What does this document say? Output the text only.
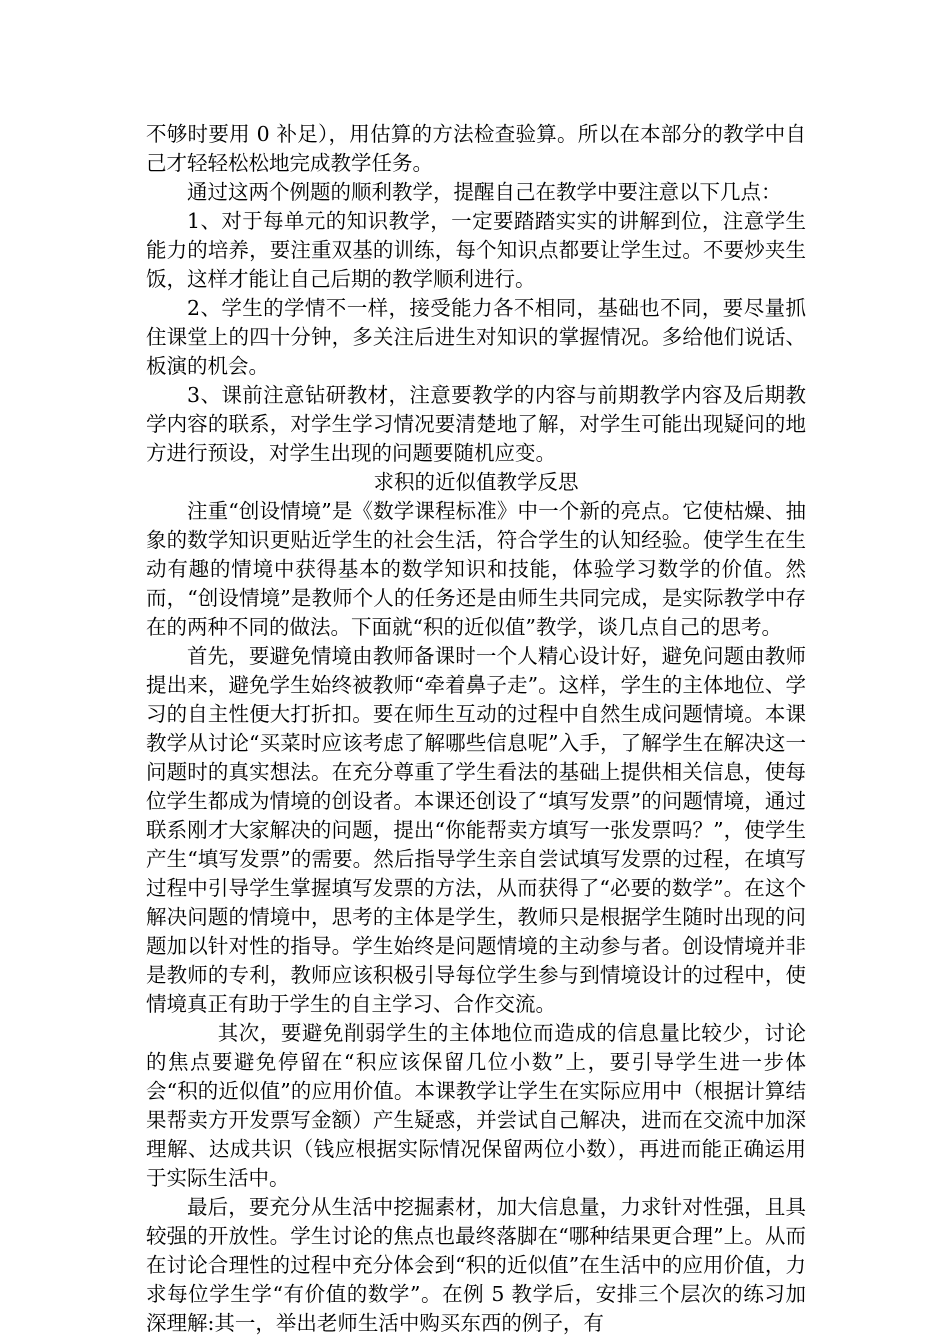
不够时要用 0 补足），用估算的方法检查验算。所以在本部分的教学中自己才轻轻松松地完成教学任务。

通过这两个例题的顺利教学，提醒自己在教学中要注意以下几点：

1、对于每单元的知识教学，一定要踏踏实实的讲解到位，注意学生能力的培养，要注重双基的训练，每个知识点都要让学生过。不要炒夹生饭，这样才能让自己后期的教学顺利进行。

2、学生的学情不一样，接受能力各不相同，基础也不同，要尽量抓住课堂上的四十分钟，多关注后进生对知识的掌握情况。多给他们说话、板演的机会。

3、课前注意钻研教材，注意要教学的内容与前期教学内容及后期教学内容的联系，对学生学习情况要清楚地了解，对学生可能出现疑问的地方进行预设，对学生出现的问题要随机应变。

求积的近似值教学反思

注重“创设情境”是《数学课程标准》中一个新的亮点。它使枯燥、抽象的数学知识更贴近学生的社会生活，符合学生的认知经验。使学生在生动有趣的情境中获得基本的数学知识和技能，体验学习数学的价值。然而，“创设情境”是教师个人的任务还是由师生共同完成，是实际教学中存在的两种不同的做法。下面就“积的近似值”教学，谈几点自己的思考。

首先，要避免情境由教师备课时一个人精心设计好，避免问题由教师提出来，避免学生始终被教师“牵着鼻子走”。这样，学生的主体地位、学习的自主性便大打折扣。要在师生互动的过程中自然生成问题情境。本课教学从讨论“买菜时应该考虑了解哪些信息呢”入手，了解学生在解决这一问题时的真实想法。在充分尊重了学生看法的基础上提供相关信息，使每位学生都成为情境的创设者。本课还创设了“填写发票”的问题情境，通过联系刚才大家解决的问题，提出“你能帮卖方填写一张发票吗？”，使学生产生“填写发票”的需要。然后指导学生亲自尝试填写发票的过程，在填写过程中引导学生掌握填写发票的方法，从而获得了“必要的数学”。在这个解决问题的情境中，思考的主体是学生，教师只是根据学生随时出现的问题加以针对性的指导。学生始终是问题情境的主动参与者。创设情境并非是教师的专利，教师应该积极引导每位学生参与到情境设计的过程中，使情境真正有助于学生的自主学习、合作交流。

其次，要避免削弱学生的主体地位而造成的信息量比较少，讨论的焦点要避免停留在“积应该保留几位小数”上，要引导学生进一步体会“积的近似值”的应用价值。本课教学让学生在实际应用中（根据计算结果帮卖方开发票写金额）产生疑惑，并尝试自己解决，进而在交流中加深理解、达成共识（钱应根据实际情况保留两位小数），再进而能正确运用于实际生活中。

最后，要充分从生活中挖掘素材，加大信息量，力求针对性强，且具较强的开放性。学生讨论的焦点也最终落脚在“哪种结果更合理”上。从而在讨论合理性的过程中充分体会到“积的近似值”在生活中的应用价值，力求每位学生学“有价值的数学”。在例 5 教学后，安排三个层次的练习加深理解:其一，举出老师生活中购买东西的例子，有
